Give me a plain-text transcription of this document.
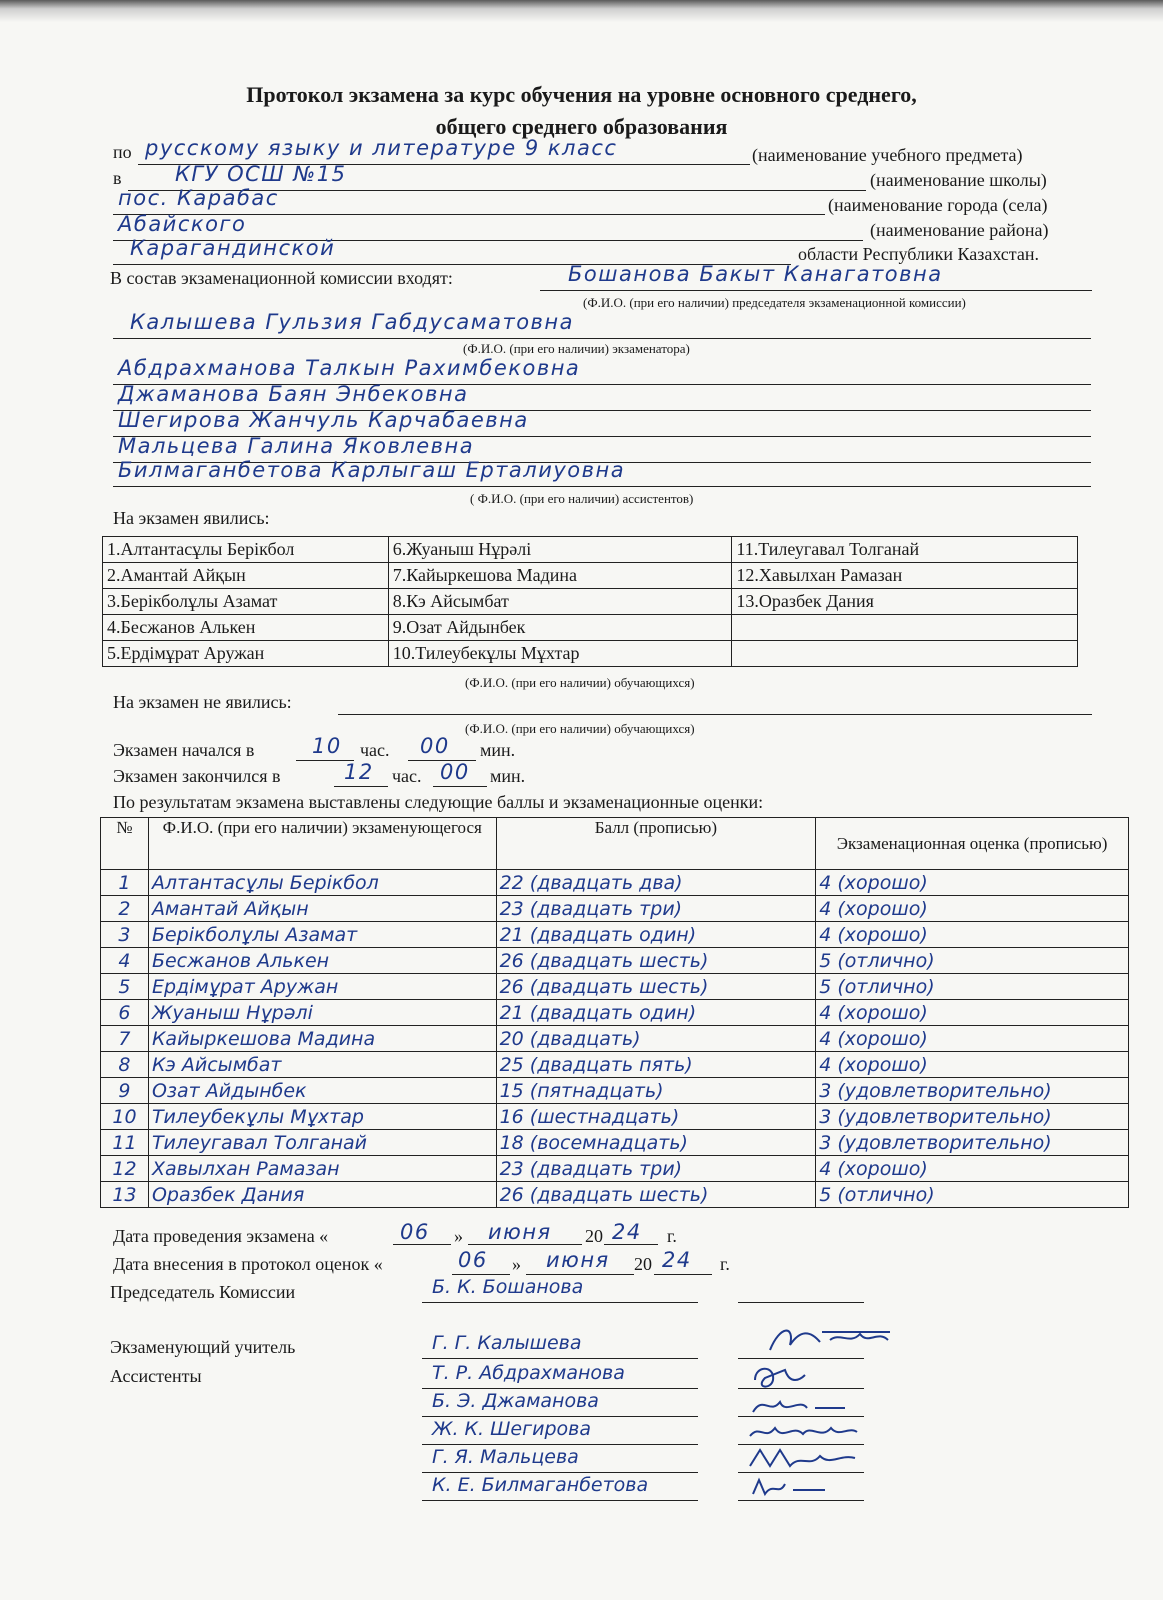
Протокол экзамена за курс обучения на уровне основного среднего,
общего среднего образования
по русскому языку и литературе 9 класс	(наименование учебного предмета)
в	КГУ ОСШ №15	(наименование школы)
пос. Карабас	(наименование города (села)
Абайского	(наименование района)
Карагандинской	области Республики Казахстан.
В состав экзаменационной комиссии входят:	Бошанова Бакыт Канагатовна
(Ф.И.О. (при его наличии) председателя экзаменационной комиссии)
Калышева Гульзия Габдусаматовна
(Ф.И.О. (при его наличии) экзаменатора)
Абдрахманова Талкын Рахимбековна
Джаманова Баян Энбековна
Шегирова Жанчуль Карчабаевна
Мальцева Галина Яковлевна
Билмаганбетова Карлыгаш Ерталиуовна
( Ф.И.О. (при его наличии) ассистентов)
На экзамен явились:
1.Алтантасұлы Берікбол	6.Жуаныш Нұрәлі	11.Тилеугавал Толганай
2.Амантай Айқын	7.Кайыркешова Мадина	12.Хавылхан Рамазан
3.Берікболұлы Азамат	8.Кэ Айсымбат	13.Оразбек Дания
4.Бесжанов Алькен	9.Озат Айдынбек	
5.Ердімұрат Аружан	10.Тилеубекұлы Мұхтар	
(Ф.И.О. (при его наличии) обучающихся)
На экзамен не явились:
(Ф.И.О. (при его наличии) обучающихся)
Экзамен начался в	10 час. 00 мин.
Экзамен закончился в	12 час. 00 мин.
По результатам экзамена выставлены следующие баллы и экзаменационные оценки:
№	Ф.И.О. (при его наличии) экзаменующегося	Балл (прописью)	Экзаменационная оценка (прописью)
1	Алтантасұлы Берікбол	22 (двадцать два)	4 (хорошо)
2	Амантай Айқын	23 (двадцать три)	4 (хорошо)
3	Берікболұлы Азамат	21 (двадцать один)	4 (хорошо)
4	Бесжанов Алькен	26 (двадцать шесть)	5 (отлично)
5	Ердімұрат Аружан	26 (двадцать шесть)	5 (отлично)
6	Жуаныш Нұрәлі	21 (двадцать один)	4 (хорошо)
7	Кайыркешова Мадина	20 (двадцать)	4 (хорошо)
8	Кэ Айсымбат	25 (двадцать пять)	4 (хорошо)
9	Озат Айдынбек	15 (пятнадцать)	3 (удовлетворительно)
10	Тилеубекұлы Мұхтар	16 (шестнадцать)	3 (удовлетворительно)
11	Тилеугавал Толганай	18 (восемнадцать)	3 (удовлетворительно)
12	Хавылхан Рамазан	23 (двадцать три)	4 (хорошо)
13	Оразбек Дания	26 (двадцать шесть)	5 (отлично)
Дата проведения экзамена «	06 » июня 20 24 г.
Дата внесения в протокол оценок «	06 » июня 20 24 г.
Председатель Комиссии	Б. К. Бошанова
Экзаменующий учитель	Г. Г. Калышева
Ассистенты	Т. Р. Абдрахманова
Б. Э. Джаманова
Ж. К. Шегирова
Г. Я. Мальцева
К. Е. Билмаганбетова
